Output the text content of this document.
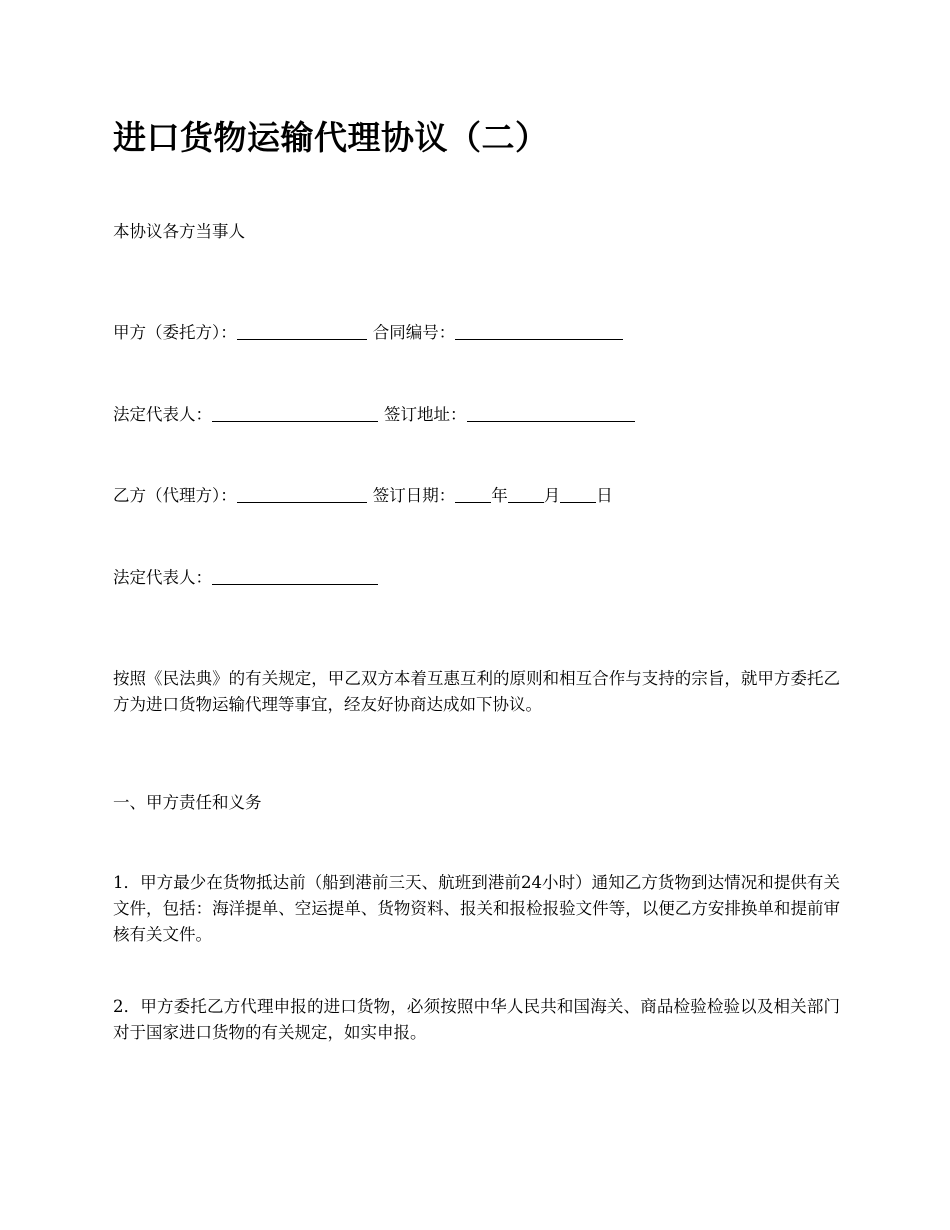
进口货物运输代理协议（二）
本协议各方当事人
甲方（委托方）：	合同编号：
法定代表人：	签订地址：
乙方（代理方）：	签订日期： 年 月 日
法定代表人：
按照《民法典》的有关规定，甲乙双方本着互惠互利的原则和相互合作与支持的宗旨，就甲方委托乙方为进口货物运输代理等事宜，经友好协商达成如下协议。
一、甲方责任和义务
1．甲方最少在货物抵达前（船到港前三天、航班到港前24小时）通知乙方货物到达情况和提供有关文件，包括：海洋提单、空运提单、货物资料、报关和报检报验文件等，以便乙方安排换单和提前审核有关文件。
2．甲方委托乙方代理申报的进口货物，必须按照中华人民共和国海关、商品检验检验以及相关部门对于国家进口货物的有关规定，如实申报。
